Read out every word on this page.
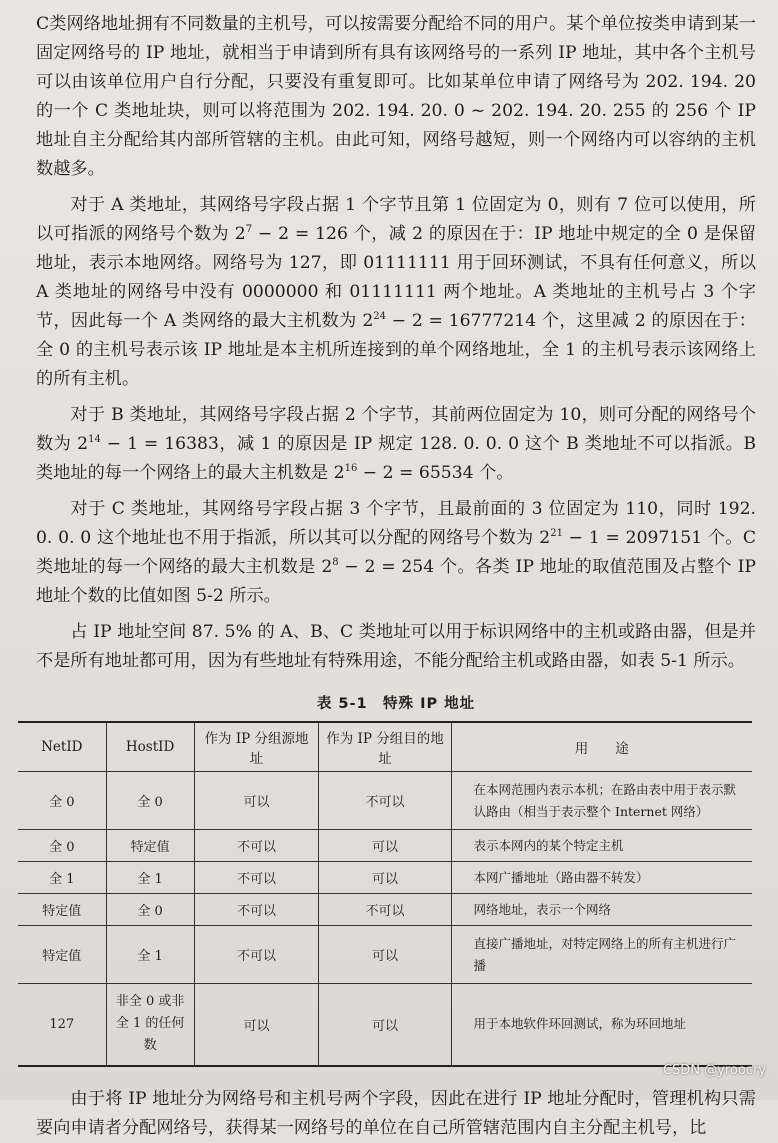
C类网络地址拥有不同数量的主机号，可以按需要分配给不同的用户。某个单位按类申请到某一固定网络号的 IP 地址，就相当于申请到所有具有该网络号的一系列 IP 地址，其中各个主机号可以由该单位用户自行分配，只要没有重复即可。比如某单位申请了网络号为 202. 194. 20 的一个 C 类地址块，则可以将范围为 202. 194. 20. 0 ~ 202. 194. 20. 255 的 256 个 IP 地址自主分配给其内部所管辖的主机。由此可知，网络号越短，则一个网络内可以容纳的主机数越多。

对于 A 类地址，其网络号字段占据 1 个字节且第 1 位固定为 0，则有 7 位可以使用，所以可指派的网络号个数为 $2^7 - 2 = 126$ 个，减 2 的原因在于：IP 地址中规定的全 0 是保留地址，表示本地网络。网络号为 127，即 01111111 用于回环测试，不具有任何意义，所以 A 类地址的网络号中没有 0000000 和 01111111 两个地址。A 类地址的主机号占 3 个字节，因此每一个 A 类网络的最大主机数为 $2^{24} - 2 = 16777214$ 个，这里减 2 的原因在于：全 0 的主机号表示该 IP 地址是本主机所连接到的单个网络地址，全 1 的主机号表示该网络上的所有主机。

对于 B 类地址，其网络号字段占据 2 个字节，其前两位固定为 10，则可分配的网络号个数为 $2^{14} - 1 = 16383$，减 1 的原因是 IP 规定 128. 0. 0. 0 这个 B 类地址不可以指派。B 类地址的每一个网络上的最大主机数是 $2^{16} - 2 = 65534$ 个。

对于 C 类地址，其网络号字段占据 3 个字节，且最前面的 3 位固定为 110，同时 192. 0. 0. 0 这个地址也不用于指派，所以其可以分配的网络号个数为 $2^{21} - 1 = 2097151$ 个。C 类地址的每一个网络的最大主机数是 $2^8 - 2 = 254$ 个。各类 IP 地址的取值范围及占整个 IP 地址个数的比值如图 5-2 所示。

占 IP 地址空间 87. 5% 的 A、B、C 类地址可以用于标识网络中的主机或路由器，但是并不是所有地址都可用，因为有些地址有特殊用途，不能分配给主机或路由器，如表 5-1 所示。

表 5-1　特殊 IP 地址
NetID	HostID	作为 IP 分组源地址	作为 IP 分组目的地址	用　　途
全 0	全 0	可以	不可以	在本网范围内表示本机；在路由表中用于表示默认路由（相当于表示整个 Internet 网络）
全 0	特定值	不可以	可以	表示本网内的某个特定主机
全 1	全 1	不可以	可以	本网广播地址（路由器不转发）
特定值	全 0	不可以	不可以	网络地址，表示一个网络
特定值	全 1	不可以	可以	直接广播地址，对特定网络上的所有主机进行广播
127	非全 0 或非全 1 的任何数	可以	可以	用于本地软件环回测试，称为环回地址

由于将 IP 地址分为网络号和主机号两个字段，因此在进行 IP 地址分配时，管理机构只需要向申请者分配网络号，获得某一网络号的单位在自己所管辖范围内自主分配主机号，比

CSDN @yroocry
